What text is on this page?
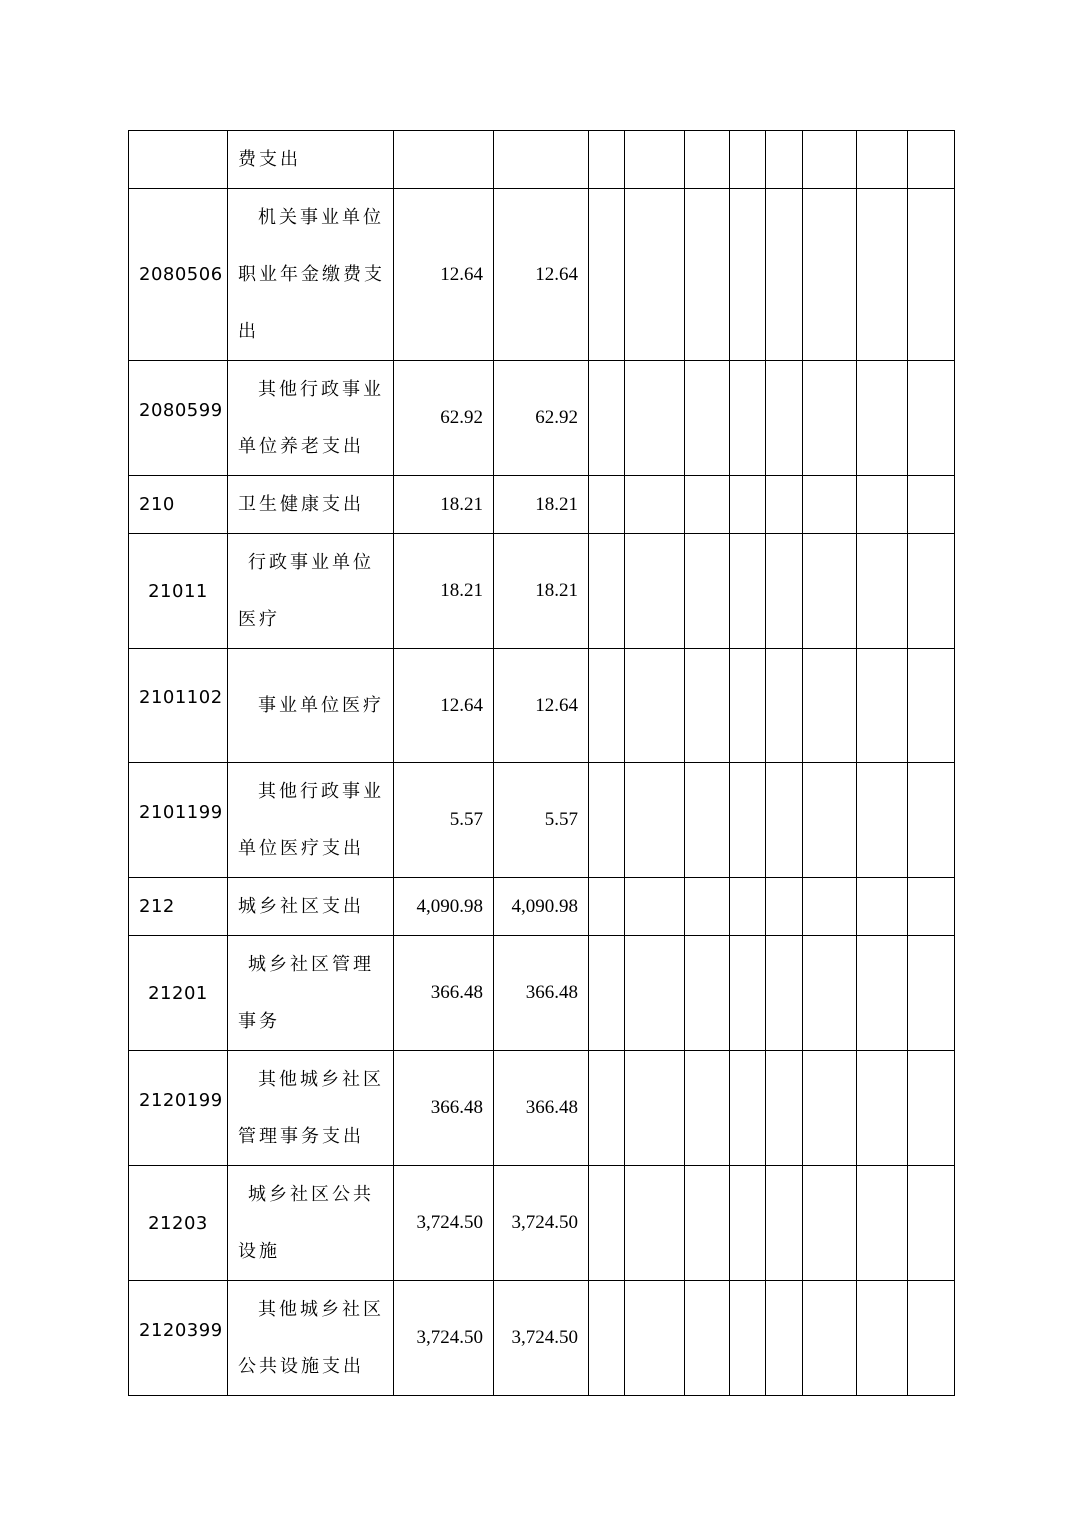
	费支出										
2080506	机关事业单位职业年金缴费支出	12.64	12.64								

2080599	其他行政事业单位养老支出	62.92	62.92								
210	卫生健康支出	18.21	18.21								
21011	行政事业单位医疗	18.21	18.21								

2101102	事业单位医疗	12.64	12.64								

2101199	其他行政事业单位医疗支出	5.57	5.57								
212	城乡社区支出	4,090.98	4,090.98								
21201	城乡社区管理事务	366.48	366.48								

2120199	其他城乡社区管理事务支出	366.48	366.48								
21203	城乡社区公共设施	3,724.50	3,724.50								

2120399	其他城乡社区公共设施支出	3,724.50	3,724.50								
